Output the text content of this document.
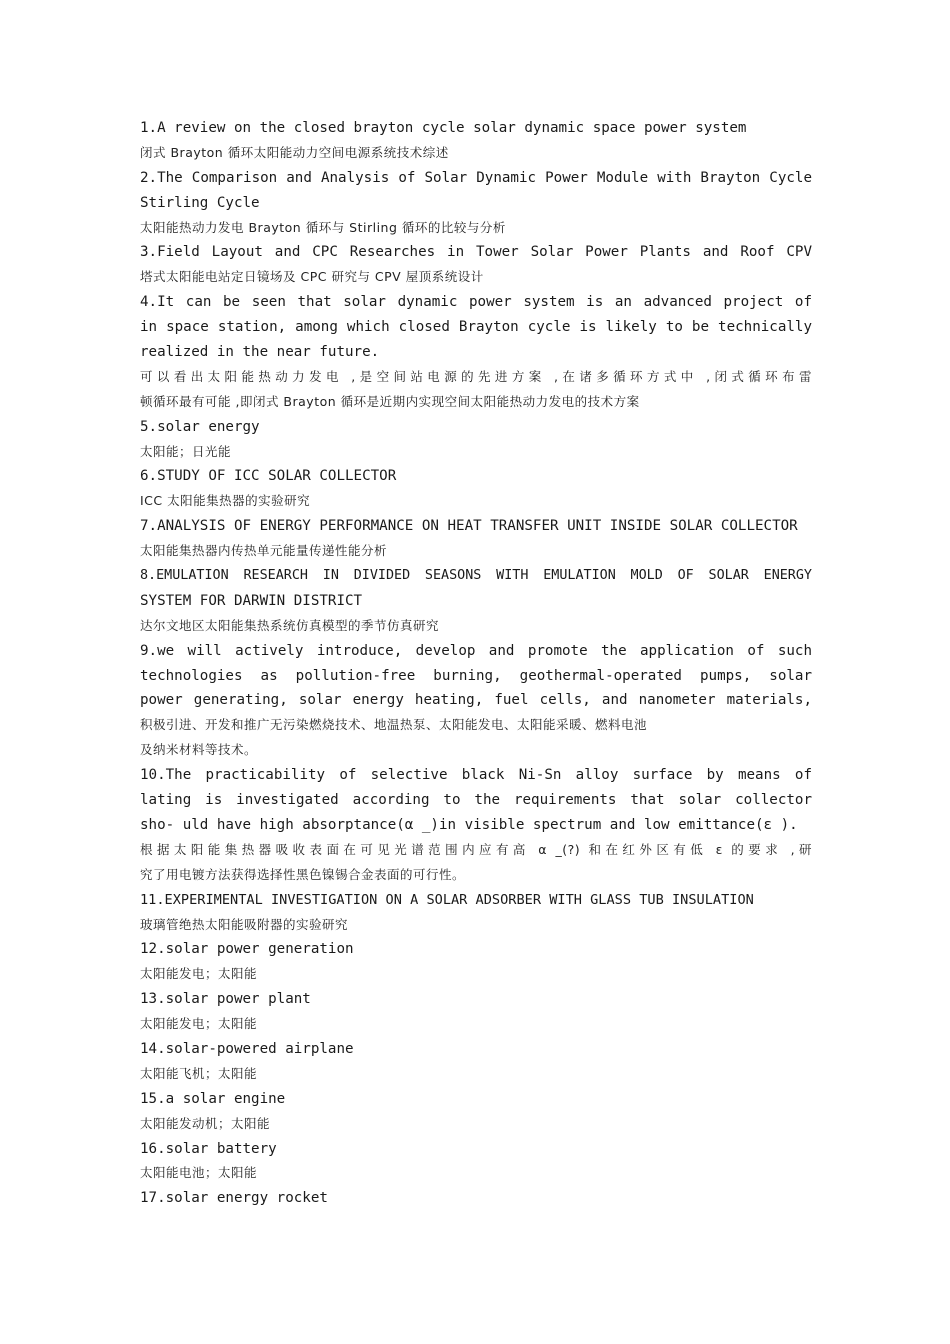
1.A review on the closed brayton cycle solar dynamic space power system
闭式 Brayton 循环太阳能动力空间电源系统技术综述
2.The Comparison and Analysis of Solar Dynamic Power Module with Brayton Cycle
Stirling Cycle
太阳能热动力发电 Brayton 循环与 Stirling 循环的比较与分析
3.Field Layout and CPC Researches in Tower Solar Power Plants and Roof CPV
塔式太阳能电站定日镜场及 CPC 研究与 CPV 屋顶系统设计
4.It can be seen that solar dynamic power system is an advanced project of
in space station, among which closed Brayton cycle is likely to be technically
realized in the near future.
可以看出太阳能热动力发电 ,是空间站电源的先进方案 ,在诸多循环方式中 ,闭式循环布雷
顿循环最有可能 ,即闭式 Brayton 循环是近期内实现空间太阳能热动力发电的技术方案
5.solar energy
太阳能；日光能
6.STUDY OF ICC SOLAR COLLECTOR
ICC 太阳能集热器的实验研究
7.ANALYSIS OF ENERGY PERFORMANCE ON HEAT TRANSFER UNIT INSIDE SOLAR COLLECTOR
太阳能集热器内传热单元能量传递性能分析
8.EMULATION RESEARCH IN DIVIDED SEASONS WITH EMULATION MOLD OF SOLAR ENERGY
SYSTEM FOR DARWIN DISTRICT
达尔文地区太阳能集热系统仿真模型的季节仿真研究
9.we will actively introduce, develop and promote the application of such
technologies as pollution-free burning, geothermal-operated pumps, solar
power generating, solar energy heating, fuel cells, and nanometer materials,
积极引进、开发和推广无污染燃烧技术、地温热泵、太阳能发电、太阳能采暖、燃料电池
及纳米材料等技术。
10.The practicability of selective black Ni-Sn alloy surface by means of
lating is investigated according to the requirements that solar collector
sho- uld have high absorptance(α _)in visible spectrum and low emittance(ε ).
根据太阳能集热器吸收表面在可见光谱范围内应有高 α _(?) 和在红外区有低 ε 的要求 ,研
究了用电镀方法获得选择性黑色镍锡合金表面的可行性。
11.EXPERIMENTAL INVESTIGATION ON A SOLAR ADSORBER WITH GLASS TUB INSULATION
玻璃管绝热太阳能吸附器的实验研究
12.solar power generation
太阳能发电；太阳能
13.solar power plant
太阳能发电；太阳能
14.solar-powered airplane
太阳能飞机；太阳能
15.a solar engine
太阳能发动机；太阳能
16.solar battery
太阳能电池；太阳能
17.solar energy rocket
